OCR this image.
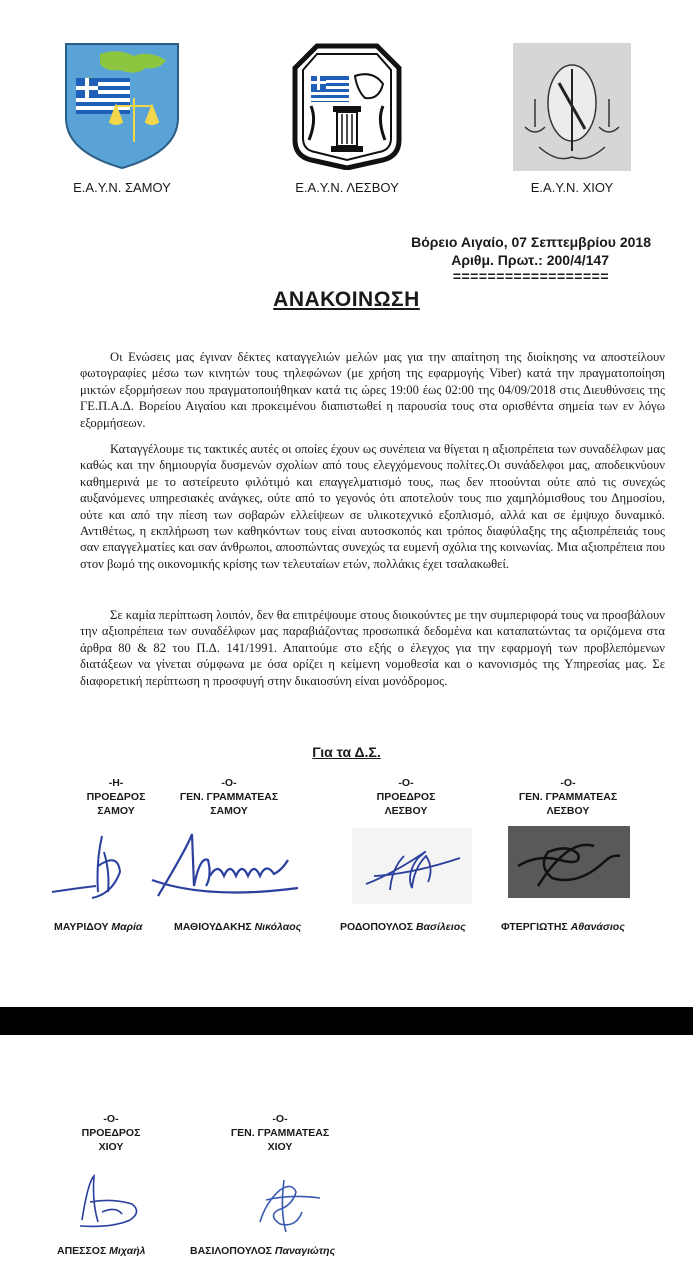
Ε.Α.Υ.Ν. ΣΑΜΟΥ	Ε.Α.Υ.Ν. ΛΕΣΒΟΥ	Ε.Α.Υ.Ν. ΧΙΟΥ
Βόρειο Αιγαίο, 07 Σεπτεμβρίου 2018
Αριθμ. Πρωτ.: 200/4/147
==================
ΑΝΑΚΟΙΝΩΣΗ

Οι Ενώσεις μας έγιναν δέκτες καταγγελιών μελών μας για την απαίτηση της διοίκησης να αποστείλουν φωτογραφίες μέσω των κινητών τους τηλεφώνων (με χρήση της εφαρμογής Viber) κατά την πραγματοποίηση μικτών εξορμήσεων που πραγματοποιήθηκαν κατά τις ώρες 19:00 έως 02:00 της 04/09/2018 στις Διευθύνσεις της ΓΕ.Π.Α.Δ. Βορείου Αιγαίου και προκειμένου διαπιστωθεί η παρουσία τους στα ορισθέντα σημεία των εν λόγω εξορμήσεων.

Καταγγέλουμε τις τακτικές αυτές οι οποίες έχουν ως συνέπεια να θίγεται η αξιοπρέπεια των συναδέλφων μας καθώς και την δημιουργία δυσμενών σχολίων από τους ελεγχόμενους πολίτες.Οι συνάδελφοι μας, αποδεικνύουν καθημερινά με το αστείρευτο φιλότιμό και επαγγελματισμό τους, πως δεν πτοούνται ούτε από τις συνεχώς αυξανόμενες υπηρεσιακές ανάγκες, ούτε από το γεγονός ότι αποτελούν τους πιο χαμηλόμισθους του Δημοσίου, ούτε και από την πίεση των σοβαρών ελλείψεων σε υλικοτεχνικό εξοπλισμό, αλλά και σε έμψυχο δυναμικό. Αντιθέτως, η εκπλήρωση των καθηκόντων τους είναι αυτοσκοπός και τρόπος διαφύλαξης της αξιοπρέπειάς τους σαν επαγγελματίες και σαν άνθρωποι, αποσπώντας συνεχώς τα ευμενή σχόλια της κοινωνίας. Μια αξιοπρέπεια που στον βωμό της οικονομικής κρίσης των τελευταίων ετών, πολλάκις έχει τσαλακωθεί.

Σε καμία περίπτωση λοιπόν, δεν θα επιτρέψουμε στους διοικούντες με την συμπεριφορά τους να προσβάλουν την αξιοπρέπεια των συναδέλφων μας παραβιάζοντας προσωπικά δεδομένα και καταπατώντας τα οριζόμενα στα άρθρα 80 & 82 του Π.Δ. 141/1991. Απαιτούμε στο εξής ο έλεγχος για την εφαρμογή των προβλεπόμενων διατάξεων να γίνεται σύμφωνα με όσα ορίζει η κείμενη νομοθεσία και ο κανονισμός της Υπηρεσίας μας. Σε διαφορετική περίπτωση η προσφυγή στην δικαιοσύνη είναι μονόδρομος.

Για τα Δ.Σ.
-Η-
ΠΡΟΕΔΡΟΣ
ΣΑΜΟΥ
-Ο-
ΓΕΝ. ΓΡΑΜΜΑΤΕΑΣ
ΣΑΜΟΥ
-Ο-
ΠΡΟΕΔΡΟΣ
ΛΕΣΒΟΥ
-Ο-
ΓΕΝ. ΓΡΑΜΜΑΤΕΑΣ
ΛΕΣΒΟΥ
ΜΑΥΡΙΔΟΥ Μαρία	ΜΑΘΙΟΥΔΑΚΗΣ Νικόλαος	ΡΟΔΟΠΟΥΛΟΣ Βασίλειος	ΦΤΕΡΓΙΩΤΗΣ Αθανάσιος
-Ο-
ΠΡΟΕΔΡΟΣ
ΧΙΟΥ
-Ο-
ΓΕΝ. ΓΡΑΜΜΑΤΕΑΣ
ΧΙΟΥ
ΑΠΕΣΣΟΣ Μιχαήλ	ΒΑΣΙΛΟΠΟΥΛΟΣ Παναγιώτης
